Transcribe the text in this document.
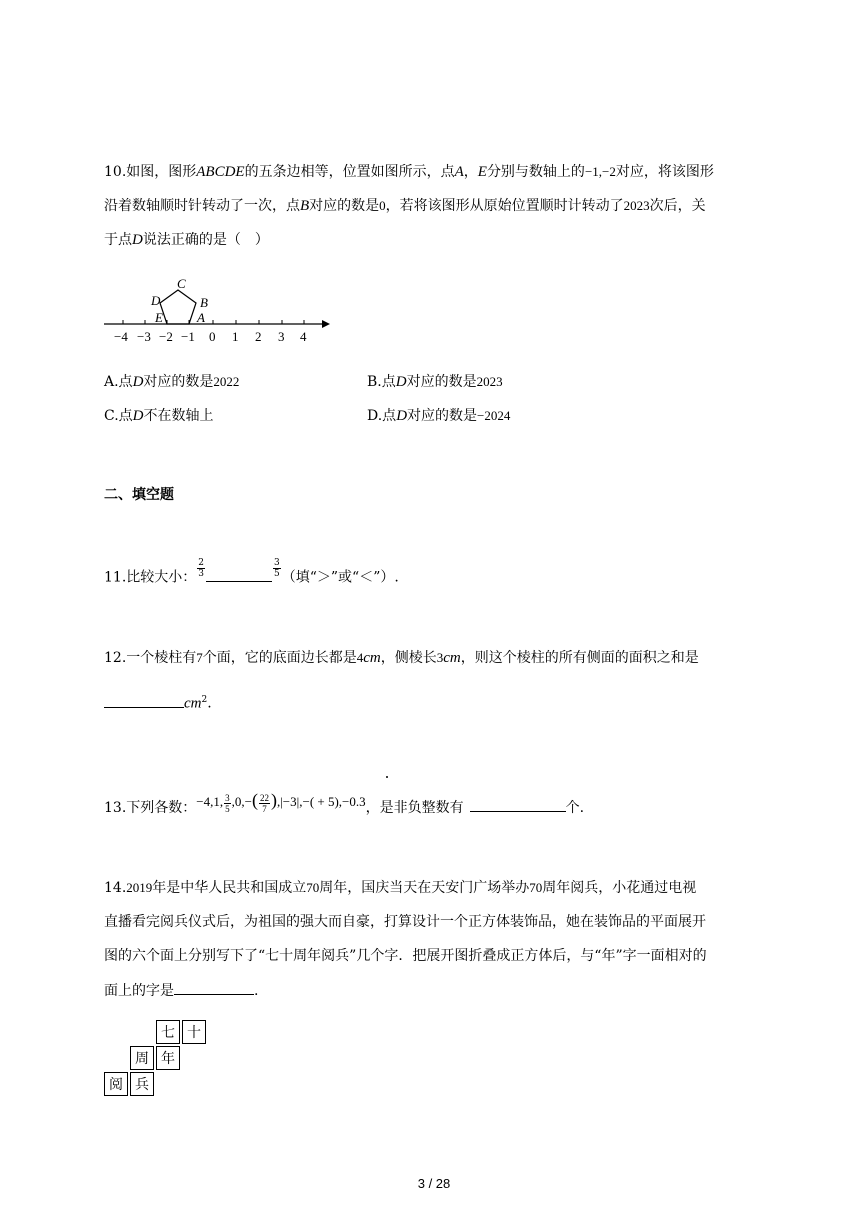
10.如图，图形ABCDE的五条边相等，位置如图所示，点A，E分别与数轴上的−1,−2对应，将该图形
沿着数轴顺时针转动了一次，点B对应的数是0，若将该图形从原始位置顺时计转动了2023次后，关
于点D说法正确的是（　）
C
D	B
E	A
−4 −3 −2 −1 0 1 2 3 4
A.点D对应的数是2022	B.点D对应的数是2023
C.点D不在数轴上	D.点D对应的数是−2024
二、填空题
11.比较大小： $\frac{2}{3}$	$\frac{3}{5}$ （填“＞”或“＜”）.
12.一个棱柱有7个面，它的底面边长都是4cm，侧棱长3cm，则这个棱柱的所有侧面的面积之和是
$cm^2$.
13.下列各数：−4,1, $\frac{3}{5} ,0,-( \frac{22}{7} ),|-3|,-( + 5),-0.3$，是非负整数有	个.
14.2019年是中华人民共和国成立70周年，国庆当天在天安门广场举办70周年阅兵，小花通过电视
直播看完阅兵仪式后，为祖国的强大而自豪，打算设计一个正方体装饰品，她在装饰品的平面展开
图的六个面上分别写下了“七十周年阅兵”几个字．把展开图折叠成正方体后，与“年”字一面相对的
面上的字是	.
七 十
周 年
阅 兵
3 / 28
